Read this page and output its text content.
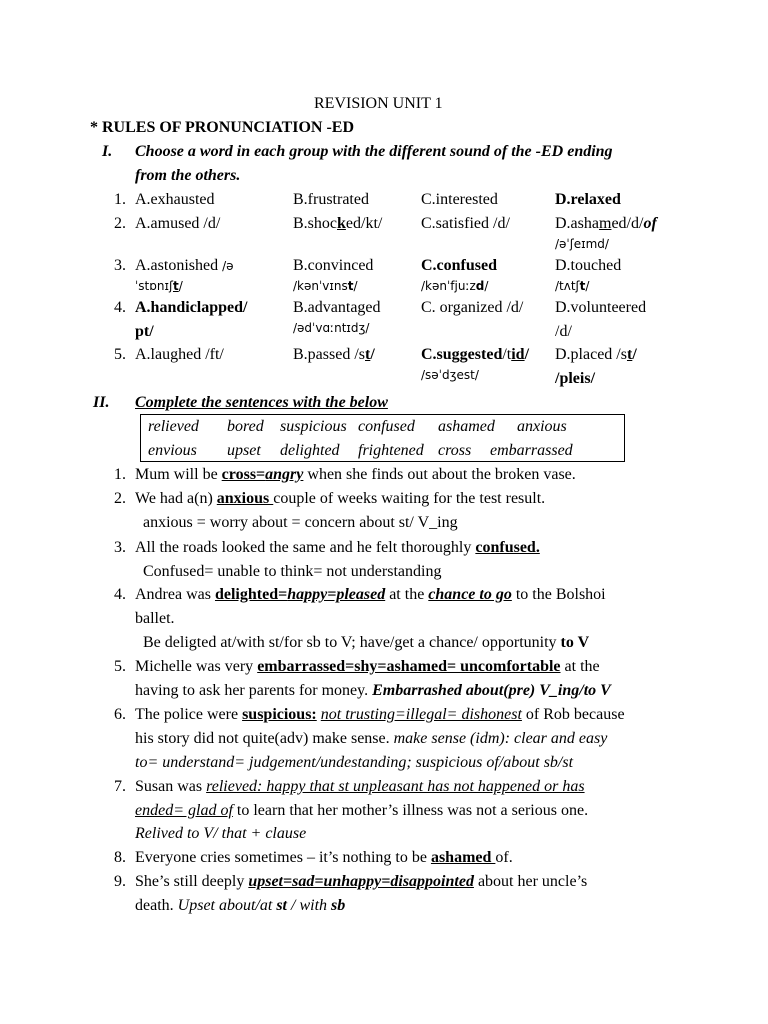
REVISION UNIT 1
* RULES OF PRONUNCIATION -ED
I. Choose a word in each group with the different sound of the -ED ending
from the others.
1. A.exhausted	B.frustrated	C.interested	D.relaxed
2. A.amused /d/	B.shocked/kt/ C.satisfied /d/	D.ashamed/d/of
/əˈʃeɪmd/
3. A.astonished /ə
ˈstɒnɪʃt/
B.convinced
/kənˈvɪnst/
C.confused
/kənˈfjuːzd/
D.touched
/tʌtʃt/
4. A.handiclapped/
pt/
B.advantaged
/ədˈvɑːntɪdʒ/
C. organized /d/ D.volunteered
/d/
5. A.laughed /ft/	B.passed /st/	C.suggested/tid/
/səˈdʒest/
D.placed /st/
/pleis/
II. Complete the sentences with the below
relieved bored suspicious confused ashamed anxious
envious upset delighted frightened cross embarrassed
1. Mum will be cross=angry when she finds out about the broken vase.
2. We had a(n) anxious couple of weeks waiting for the test result.
anxious = worry about = concern about st/ V_ing
3. All the roads looked the same and he felt thoroughly confused.
Confused= unable to think= not understanding
4. Andrea was delighted=happy=pleased at the chance to go to the Bolshoi
ballet.
Be deligted at/with st/for sb to V; have/get a chance/ opportunity to V
5. Michelle was very embarrassed=shy=ashamed= uncomfortable at the
having to ask her parents for money. Embarrashed about(pre) V_ing/to V
6. The police were suspicious: not trusting=illegal= dishonest of Rob because
his story did not quite(adv) make sense. make sense (idm): clear and easy
to= understand= judgement/undestanding; suspicious of/about sb/st
7. Susan was relieved: happy that st unpleasant has not happened or has
ended= glad of to learn that her mother’s illness was not a serious one.
Relived to V/ that + clause
8. Everyone cries sometimes – it’s nothing to be ashamed of.
9. She’s still deeply upset=sad=unhappy=disappointed about her uncle’s
death. Upset about/at st / with sb
